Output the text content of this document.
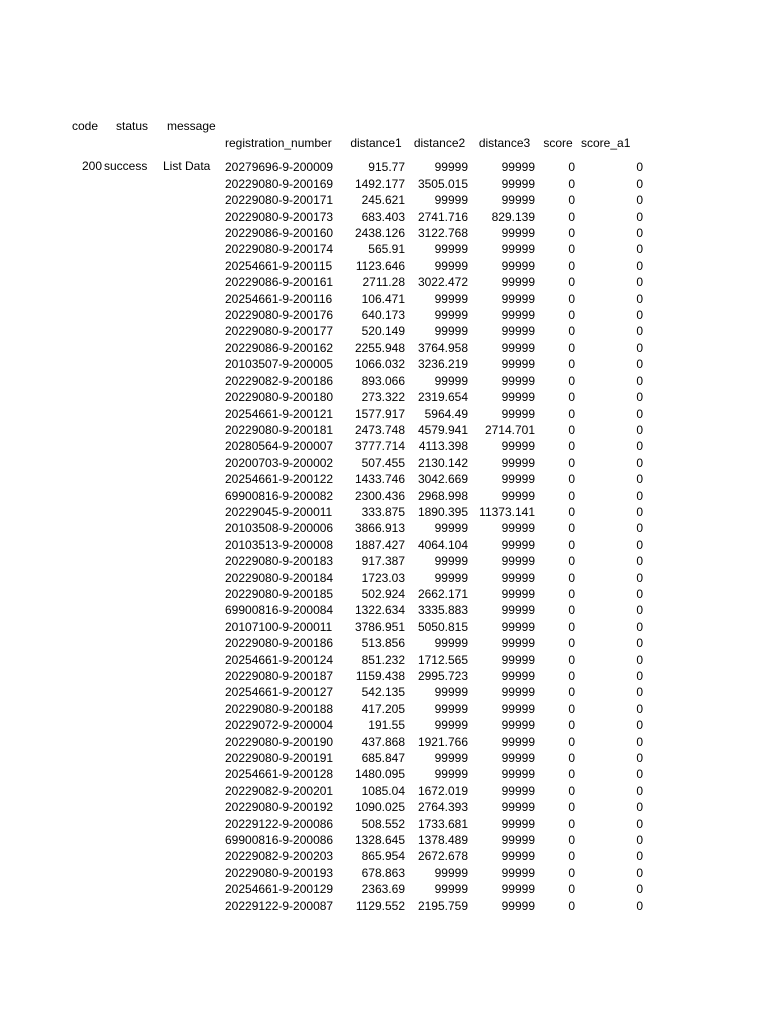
code status message
200 success List Data
registration_number	distance1	distance2	distance3	score	score_a1

20279696-9-200009	915.77	99999	99999	0	0
20229080-9-200169	1492.177	3505.015	99999	0	0
20229080-9-200171	245.621	99999	99999	0	0
20229080-9-200173	683.403	2741.716	829.139	0	0
20229086-9-200160	2438.126	3122.768	99999	0	0
20229080-9-200174	565.91	99999	99999	0	0
20254661-9-200115	1123.646	99999	99999	0	0
20229086-9-200161	2711.28	3022.472	99999	0	0
20254661-9-200116	106.471	99999	99999	0	0
20229080-9-200176	640.173	99999	99999	0	0
20229080-9-200177	520.149	99999	99999	0	0
20229086-9-200162	2255.948	3764.958	99999	0	0
20103507-9-200005	1066.032	3236.219	99999	0	0
20229082-9-200186	893.066	99999	99999	0	0
20229080-9-200180	273.322	2319.654	99999	0	0
20254661-9-200121	1577.917	5964.49	99999	0	0
20229080-9-200181	2473.748	4579.941	2714.701	0	0
20280564-9-200007	3777.714	4113.398	99999	0	0
20200703-9-200002	507.455	2130.142	99999	0	0
20254661-9-200122	1433.746	3042.669	99999	0	0
69900816-9-200082	2300.436	2968.998	99999	0	0
20229045-9-200011	333.875	1890.395	11373.141	0	0
20103508-9-200006	3866.913	99999	99999	0	0
20103513-9-200008	1887.427	4064.104	99999	0	0
20229080-9-200183	917.387	99999	99999	0	0
20229080-9-200184	1723.03	99999	99999	0	0
20229080-9-200185	502.924	2662.171	99999	0	0
69900816-9-200084	1322.634	3335.883	99999	0	0
20107100-9-200011	3786.951	5050.815	99999	0	0
20229080-9-200186	513.856	99999	99999	0	0
20254661-9-200124	851.232	1712.565	99999	0	0
20229080-9-200187	1159.438	2995.723	99999	0	0
20254661-9-200127	542.135	99999	99999	0	0
20229080-9-200188	417.205	99999	99999	0	0
20229072-9-200004	191.55	99999	99999	0	0
20229080-9-200190	437.868	1921.766	99999	0	0
20229080-9-200191	685.847	99999	99999	0	0
20254661-9-200128	1480.095	99999	99999	0	0
20229082-9-200201	1085.04	1672.019	99999	0	0
20229080-9-200192	1090.025	2764.393	99999	0	0
20229122-9-200086	508.552	1733.681	99999	0	0
69900816-9-200086	1328.645	1378.489	99999	0	0
20229082-9-200203	865.954	2672.678	99999	0	0
20229080-9-200193	678.863	99999	99999	0	0
20254661-9-200129	2363.69	99999	99999	0	0
20229122-9-200087	1129.552	2195.759	99999	0	0
